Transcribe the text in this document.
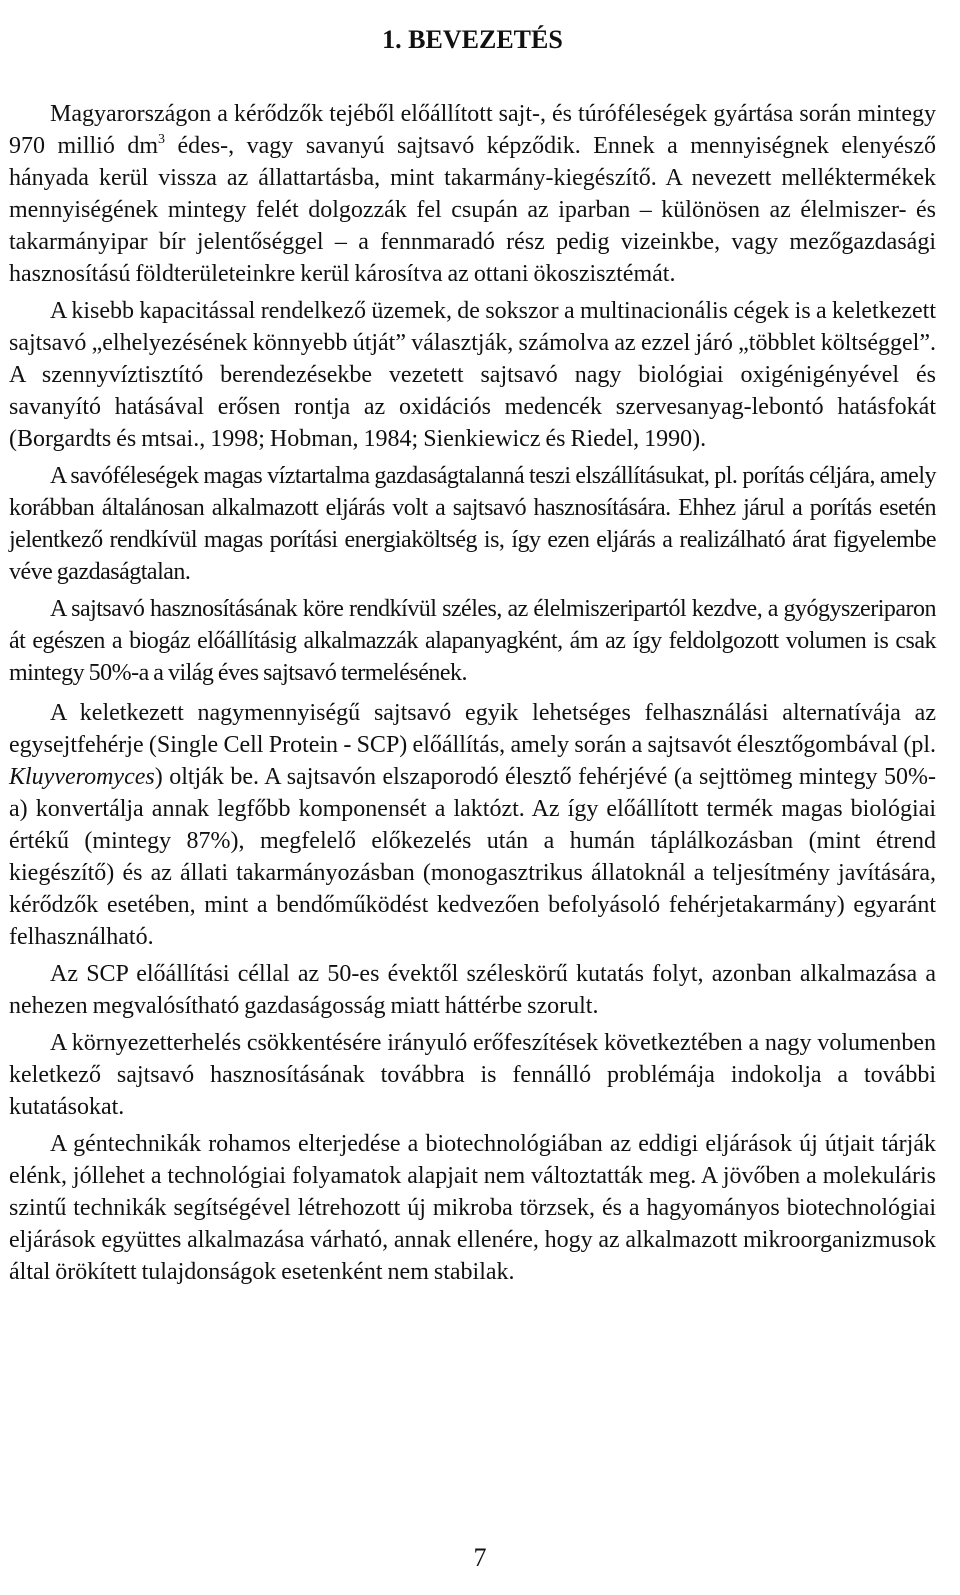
1. BEVEZETÉS

Magyarországon a kérődzők tejéből előállított sajt-, és túróféleségek gyártása során mintegy 970 millió $dm^3$ édes-, vagy savanyú sajtsavó képződik. Ennek a mennyiségnek elenyésző hányada kerül vissza az állattartásba, mint takarmány-kiegészítő. A nevezett melléktermékek mennyiségének mintegy felét dolgozzák fel csupán az iparban – különösen az élelmiszer- és takarmányipar bír jelentőséggel – a fennmaradó rész pedig vizeinkbe, vagy mezőgazdasági hasznosítású földterületeinkre kerül károsítva az ottani ökoszisztémát.

A kisebb kapacitással rendelkező üzemek, de sokszor a multinacionális cégek is a keletkezett sajtsavó „elhelyezésének könnyebb útját” választják, számolva az ezzel járó „többlet költséggel”. A szennyvíztisztító berendezésekbe vezetett sajtsavó nagy biológiai oxigénigényével és savanyító hatásával erősen rontja az oxidációs medencék szervesanyag-lebontó hatásfokát (Borgardts és mtsai., 1998; Hobman, 1984; Sienkiewicz és Riedel, 1990).

A savóféleségek magas víztartalma gazdaságtalanná teszi elszállításukat, pl. porítás céljára, amely korábban általánosan alkalmazott eljárás volt a sajtsavó hasznosítására. Ehhez járul a porítás esetén jelentkező rendkívül magas porítási energiaköltség is, így ezen eljárás a realizálható árat figyelembe véve gazdaságtalan.

A sajtsavó hasznosításának köre rendkívül széles, az élelmiszeripartól kezdve, a gyógyszeriparon át egészen a biogáz előállításig alkalmazzák alapanyagként, ám az így feldolgozott volumen is csak mintegy 50%-a a világ éves sajtsavó termelésének.

A keletkezett nagymennyiségű sajtsavó egyik lehetséges felhasználási alternatívája az egysejtfehérje (Single Cell Protein - SCP) előállítás, amely során a sajtsavót élesztőgombával (pl. Kluyveromyces) oltják be. A sajtsavón elszaporodó élesztő fehérjévé (a sejttömeg mintegy 50%-a) konvertálja annak legfőbb komponensét a laktózt. Az így előállított termék magas biológiai értékű (mintegy 87%), megfelelő előkezelés után a humán táplálkozásban (mint étrend kiegészítő) és az állati takarmányozásban (monogasztrikus állatoknál a teljesítmény javítására, kérődzők esetében, mint a bendőműködést kedvezően befolyásoló fehérjetakarmány) egyaránt felhasználható.

Az SCP előállítási céllal az 50-es évektől széleskörű kutatás folyt, azonban alkalmazása a nehezen megvalósítható gazdaságosság miatt háttérbe szorult.

A környezetterhelés csökkentésére irányuló erőfeszítések következtében a nagy volumenben keletkező sajtsavó hasznosításának továbbra is fennálló problémája indokolja a további kutatásokat.

A géntechnikák rohamos elterjedése a biotechnológiában az eddigi eljárások új útjait tárják elénk, jóllehet a technológiai folyamatok alapjait nem változtatták meg. A jövőben a molekuláris szintű technikák segítségével létrehozott új mikroba törzsek, és a hagyományos biotechnológiai eljárások együttes alkalmazása várható, annak ellenére, hogy az alkalmazott mikroorganizmusok által örökített tulajdonságok esetenként nem stabilak.

7
